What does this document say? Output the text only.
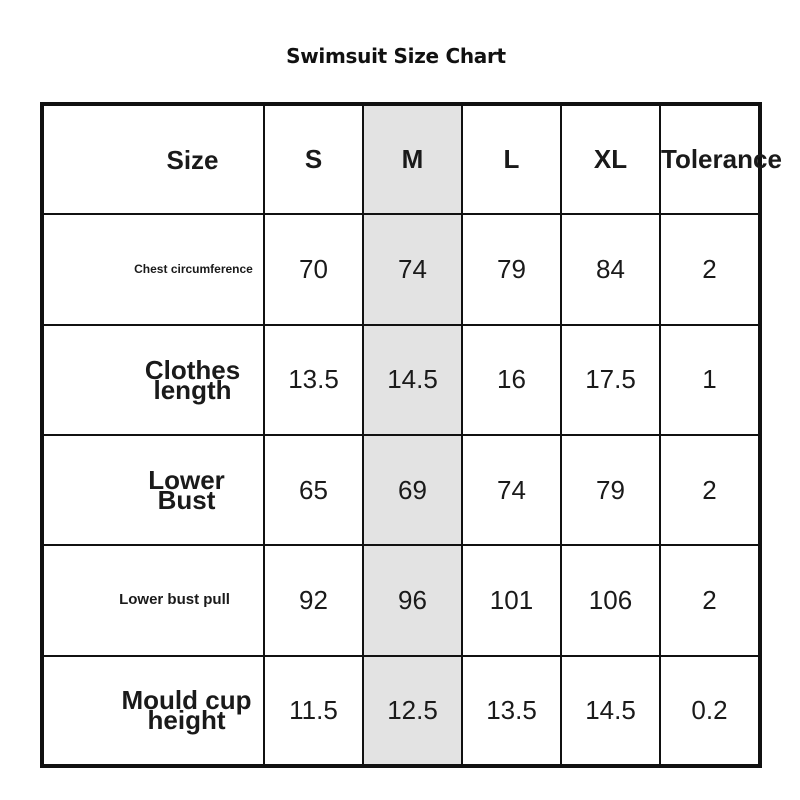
Swimsuit Size Chart
Size	S	M	L	XL	Tolerance

Chest circumference	70	74	79	84	2

Clothes length	13.5	14.5	16	17.5	1

Lower Bust	65	69	74	79	2

Lower bust pull	92	96	101	106	2

Mould cup height	11.5	12.5	13.5	14.5	0.2
